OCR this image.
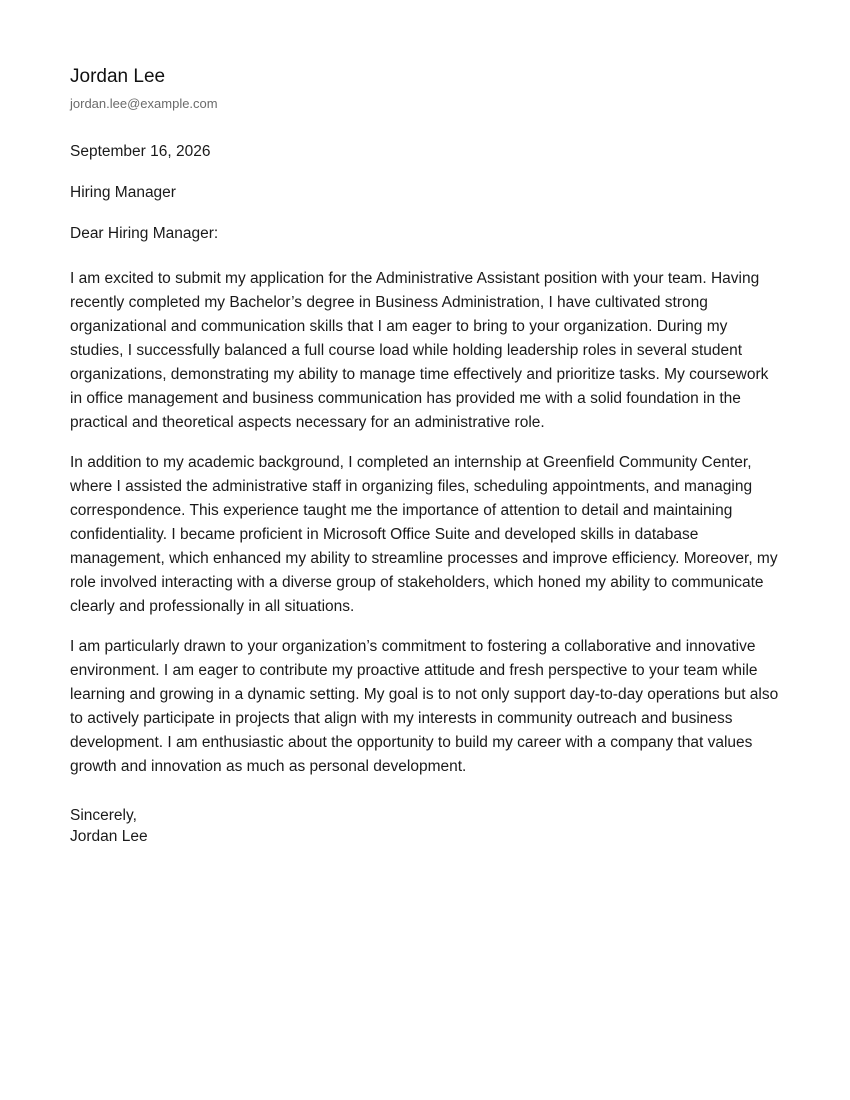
Jordan Lee
jordan.lee@example.com
September 16, 2026
Hiring Manager
Dear Hiring Manager:

I am excited to submit my application for the Administrative Assistant position with your team. Having recently completed my Bachelor’s degree in Business Administration, I have cultivated strong organizational and communication skills that I am eager to bring to your organization. During my studies, I successfully balanced a full course load while holding leadership roles in several student organizations, demonstrating my ability to manage time effectively and prioritize tasks. My coursework in office management and business communication has provided me with a solid foundation in the practical and theoretical aspects necessary for an administrative role.

In addition to my academic background, I completed an internship at Greenfield Community Center, where I assisted the administrative staff in organizing files, scheduling appointments, and managing correspondence. This experience taught me the importance of attention to detail and maintaining confidentiality. I became proficient in Microsoft Office Suite and developed skills in database management, which enhanced my ability to streamline processes and improve efficiency. Moreover, my role involved interacting with a diverse group of stakeholders, which honed my ability to communicate clearly and professionally in all situations.

I am particularly drawn to your organization’s commitment to fostering a collaborative and innovative environment. I am eager to contribute my proactive attitude and fresh perspective to your team while learning and growing in a dynamic setting. My goal is to not only support day-to-day operations but also to actively participate in projects that align with my interests in community outreach and business development. I am enthusiastic about the opportunity to build my career with a company that values growth and innovation as much as personal development.

Sincerely,
Jordan Lee
